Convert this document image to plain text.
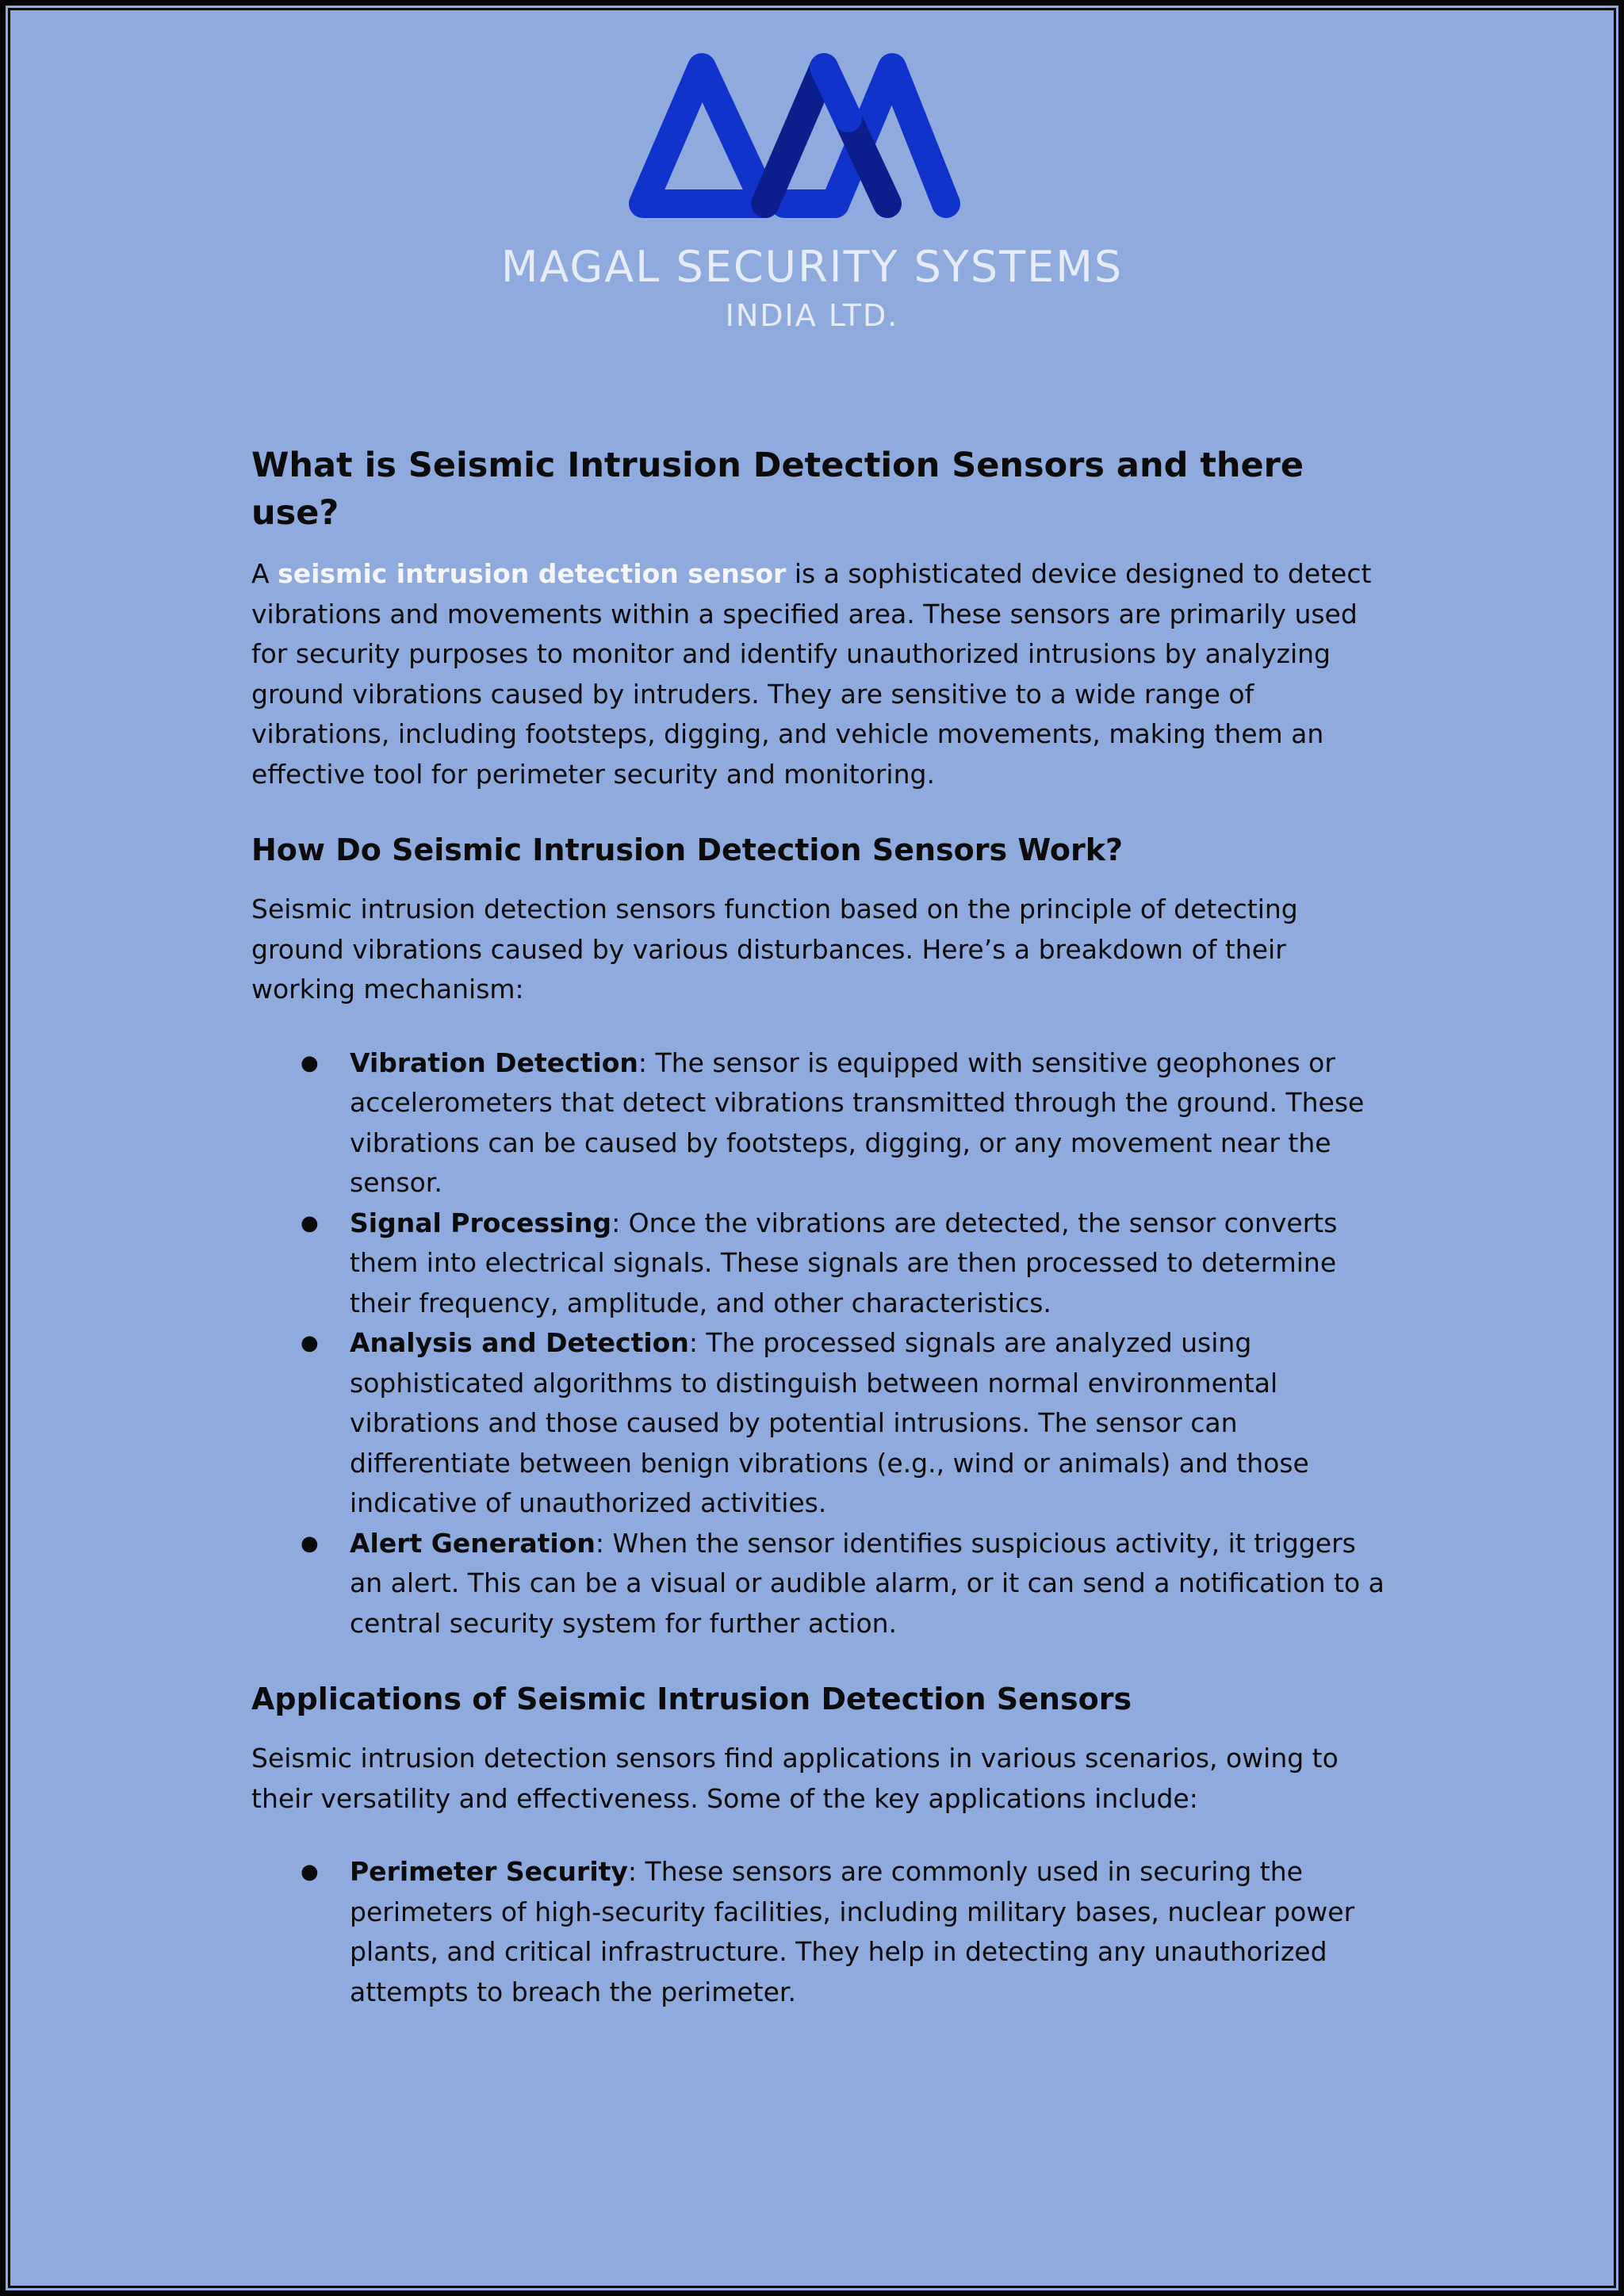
MAGAL SECURITY SYSTEMS
INDIA LTD.
What is Seismic Intrusion Detection Sensors and there use?

A seismic intrusion detection sensor is a sophisticated device designed to detect vibrations and movements within a specified area. These sensors are primarily used for security purposes to monitor and identify unauthorized intrusions by analyzing ground vibrations caused by intruders. They are sensitive to a wide range of vibrations, including footsteps, digging, and vehicle movements, making them an effective tool for perimeter security and monitoring.

How Do Seismic Intrusion Detection Sensors Work?

Seismic intrusion detection sensors function based on the principle of detecting ground vibrations caused by various disturbances. Here’s a breakdown of their working mechanism:

● Vibration Detection: The sensor is equipped with sensitive geophones or accelerometers that detect vibrations transmitted through the ground. These vibrations can be caused by footsteps, digging, or any movement near the sensor.
● Signal Processing: Once the vibrations are detected, the sensor converts them into electrical signals. These signals are then processed to determine their frequency, amplitude, and other characteristics.
● Analysis and Detection: The processed signals are analyzed using sophisticated algorithms to distinguish between normal environmental vibrations and those caused by potential intrusions. The sensor can differentiate between benign vibrations (e.g., wind or animals) and those indicative of unauthorized activities.
● Alert Generation: When the sensor identifies suspicious activity, it triggers an alert. This can be a visual or audible alarm, or it can send a notification to a central security system for further action.
Applications of Seismic Intrusion Detection Sensors

Seismic intrusion detection sensors find applications in various scenarios, owing to their versatility and effectiveness. Some of the key applications include:

● Perimeter Security: These sensors are commonly used in securing the perimeters of high-security facilities, including military bases, nuclear power plants, and critical infrastructure. They help in detecting any unauthorized attempts to breach the perimeter.
